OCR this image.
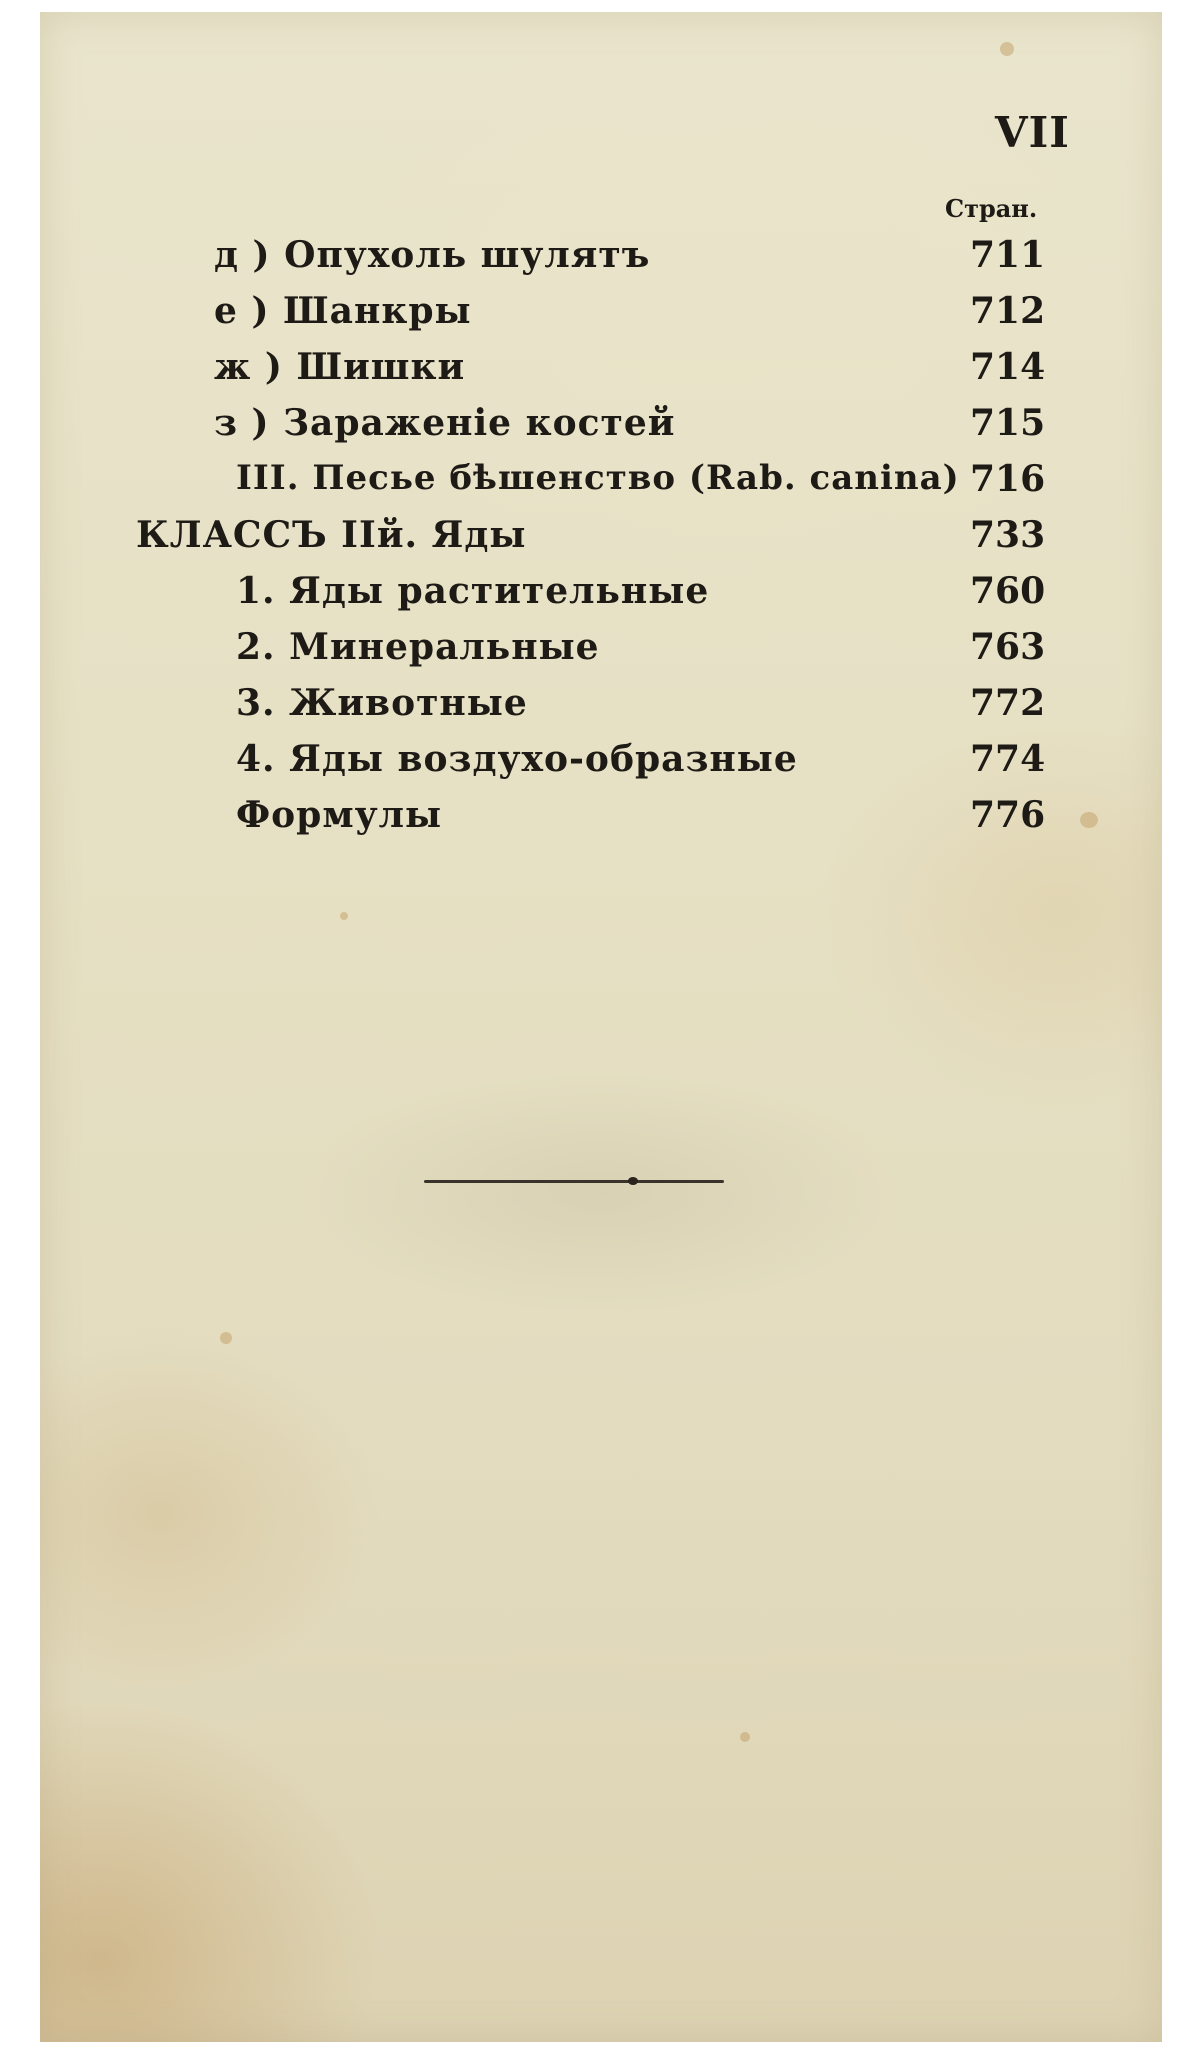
VII
Стран.
д ) Опухоль шулятъ	711
е ) Шанкры	712
ж ) Шишки	714
з ) Зараженіе костей	715
III. Песье бѣшенство (Rab. canina) 716
КЛАССЪ IIй. Яды	733
1. Яды растительные	760
2. Минеральные	763
3. Животные	772
4. Яды воздухо-образные	774
Формулы	776
